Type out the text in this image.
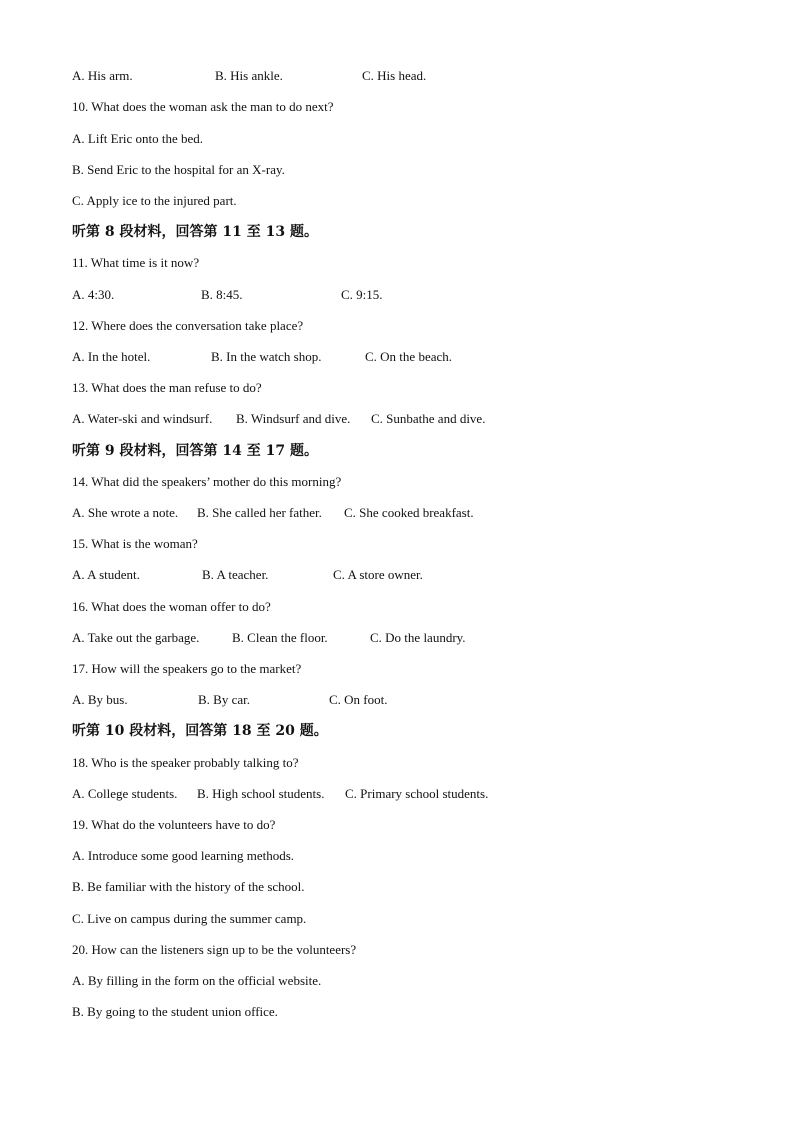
A. His arm.	B. His ankle.	C. His head.
10. What does the woman ask the man to do next?
A. Lift Eric onto the bed.
B. Send Eric to the hospital for an X-ray.
C. Apply ice to the injured part.
听第 8 段材料，回答第 11 至 13 题。
11. What time is it now?
A. 4:30.	B. 8:45.	C. 9:15.
12. Where does the conversation take place?
A. In the hotel.	B. In the watch shop.	C. On the beach.
13. What does the man refuse to do?
A. Water-ski and windsurf. B. Windsurf and dive. C. Sunbathe and dive.
听第 9 段材料，回答第 14 至 17 题。
14. What did the speakers’ mother do this morning?
A. She wrote a note. B. She called her father. C. She cooked breakfast.
15. What is the woman?
A. A student.	B. A teacher.	C. A store owner.
16. What does the woman offer to do?
A. Take out the garbage.	B. Clean the floor.	C. Do the laundry.
17. How will the speakers go to the market?
A. By bus.	B. By car.	C. On foot.
听第 10 段材料，回答第 18 至 20 题。
18. Who is the speaker probably talking to?
A. College students. B. High school students. C. Primary school students.
19. What do the volunteers have to do?
A. Introduce some good learning methods.
B. Be familiar with the history of the school.
C. Live on campus during the summer camp.
20. How can the listeners sign up to be the volunteers?
A. By filling in the form on the official website.
B. By going to the student union office.
